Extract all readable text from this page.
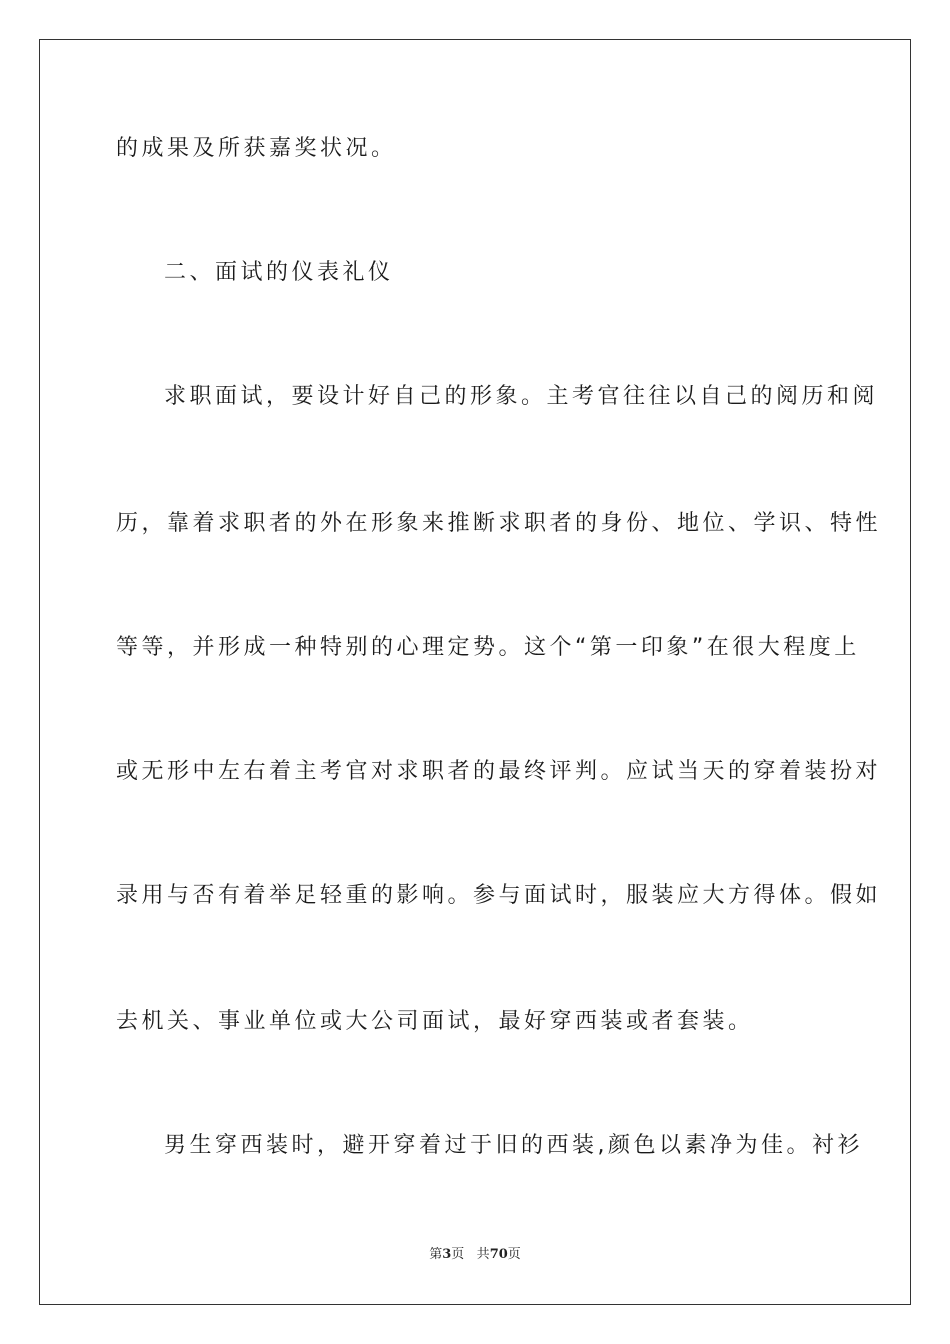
的成果及所获嘉奖状况。
二、面试的仪表礼仪
求职面试，要设计好自己的形象。主考官往往以自己的阅历和阅
历，靠着求职者的外在形象来推断求职者的身份、地位、学识、特性
等等，并形成一种特别的心理定势。这个“第一印象”在很大程度上
或无形中左右着主考官对求职者的最终评判。应试当天的穿着装扮对
录用与否有着举足轻重的影响。参与面试时，服装应大方得体。假如
去机关、事业单位或大公司面试，最好穿西装或者套装。
男生穿西装时，避开穿着过于旧的西装,颜色以素净为佳。衬衫
第3页 共70页
